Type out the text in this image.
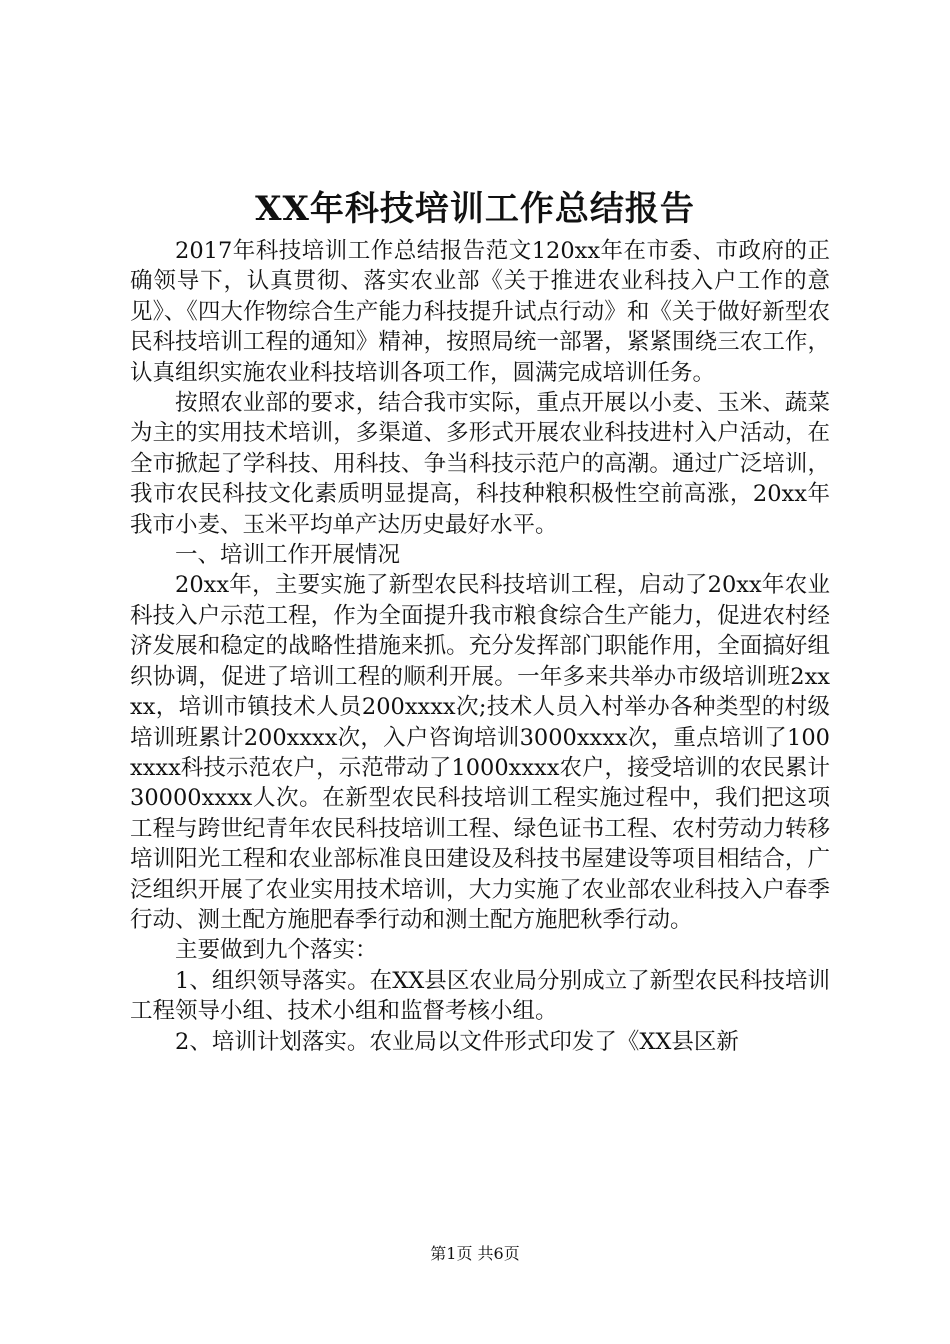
XX年科技培训工作总结报告

2017年科技培训工作总结报告范文120xx年在市委、市政府的正确领导下，认真贯彻、落实农业部《关于推进农业科技入户工作的意见》、《四大作物综合生产能力科技提升试点行动》和《关于做好新型农民科技培训工程的通知》精神，按照局统一部署，紧紧围绕三农工作，认真组织实施农业科技培训各项工作，圆满完成培训任务。

按照农业部的要求，结合我市实际，重点开展以小麦、玉米、蔬菜为主的实用技术培训，多渠道、多形式开展农业科技进村入户活动，在全市掀起了学科技、用科技、争当科技示范户的高潮。通过广泛培训，我市农民科技文化素质明显提高，科技种粮积极性空前高涨，20xx年我市小麦、玉米平均单产达历史最好水平。

一、培训工作开展情况

20xx年，主要实施了新型农民科技培训工程，启动了20xx年农业科技入户示范工程，作为全面提升我市粮食综合生产能力，促进农村经济发展和稳定的战略性措施来抓。充分发挥部门职能作用，全面搞好组织协调，促进了培训工程的顺利开展。一年多来共举办市级培训班2xxxx，培训市镇技术人员200xxxx次;技术人员入村举办各种类型的村级培训班累计200xxxx次，入户咨询培训3000xxxx次，重点培训了100xxxx科技示范农户，示范带动了1000xxxx农户，接受培训的农民累计30000xxxx人次。在新型农民科技培训工程实施过程中，我们把这项工程与跨世纪青年农民科技培训工程、绿色证书工程、农村劳动力转移培训阳光工程和农业部标准良田建设及科技书屋建设等项目相结合，广泛组织开展了农业实用技术培训，大力实施了农业部农业科技入户春季行动、测土配方施肥春季行动和测土配方施肥秋季行动。

主要做到九个落实：

1、组织领导落实。在XX县区农业局分别成立了新型农民科技培训工程领导小组、技术小组和监督考核小组。

2、培训计划落实。农业局以文件形式印发了《XX县区新

第1页 共6页
